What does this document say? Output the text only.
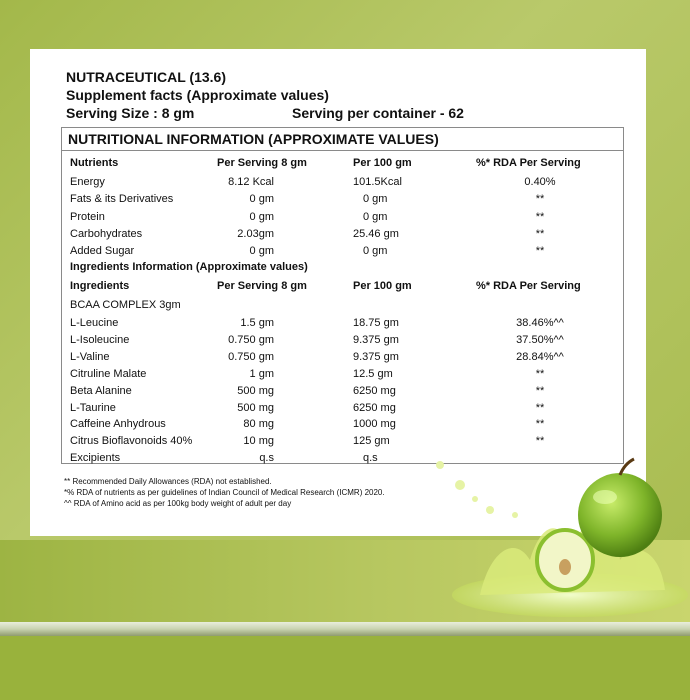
NUTRACEUTICAL (13.6)
Supplement facts (Approximate values)
Serving Size : 8 gm	Serving per container - 62
NUTRITIONAL INFORMATION (APPROXIMATE VALUES)
Nutrients	Per Serving 8 gm	Per 100 gm	%* RDA Per Serving
Energy	8.12 Kcal	101.5Kcal	0.40%
Fats & its Derivatives	0 gm	0 gm	**
Protein	0 gm	0 gm	**
Carbohydrates	2.03gm	25.46 gm	**
Added Sugar	0 gm	0 gm	**
Ingredients Information (Approximate values)
Ingredients	Per Serving 8 gm	Per 100 gm	%* RDA Per Serving
BCAA COMPLEX 3gm
L-Leucine	1.5 gm	18.75 gm	38.46%^^
L-Isoleucine	0.750 gm	9.375 gm	37.50%^^
L-Valine	0.750 gm	9.375 gm	28.84%^^
Citruline Malate	1 gm	12.5 gm	**
Beta Alanine	500 mg	6250 mg	**
L-Taurine	500 mg	6250 mg	**
Caffeine Anhydrous	80 mg	1000 mg	**
Citrus Bioflavonoids 40%	10 mg	125 gm	**
Excipients	q.s	q.s
** Recommended Daily Allowances (RDA) not established.
*% RDA of nutrients as per guidelines of Indian Council of Medical Research (ICMR) 2020.
^^ RDA of Amino acid as per 100kg body weight of adult per day
